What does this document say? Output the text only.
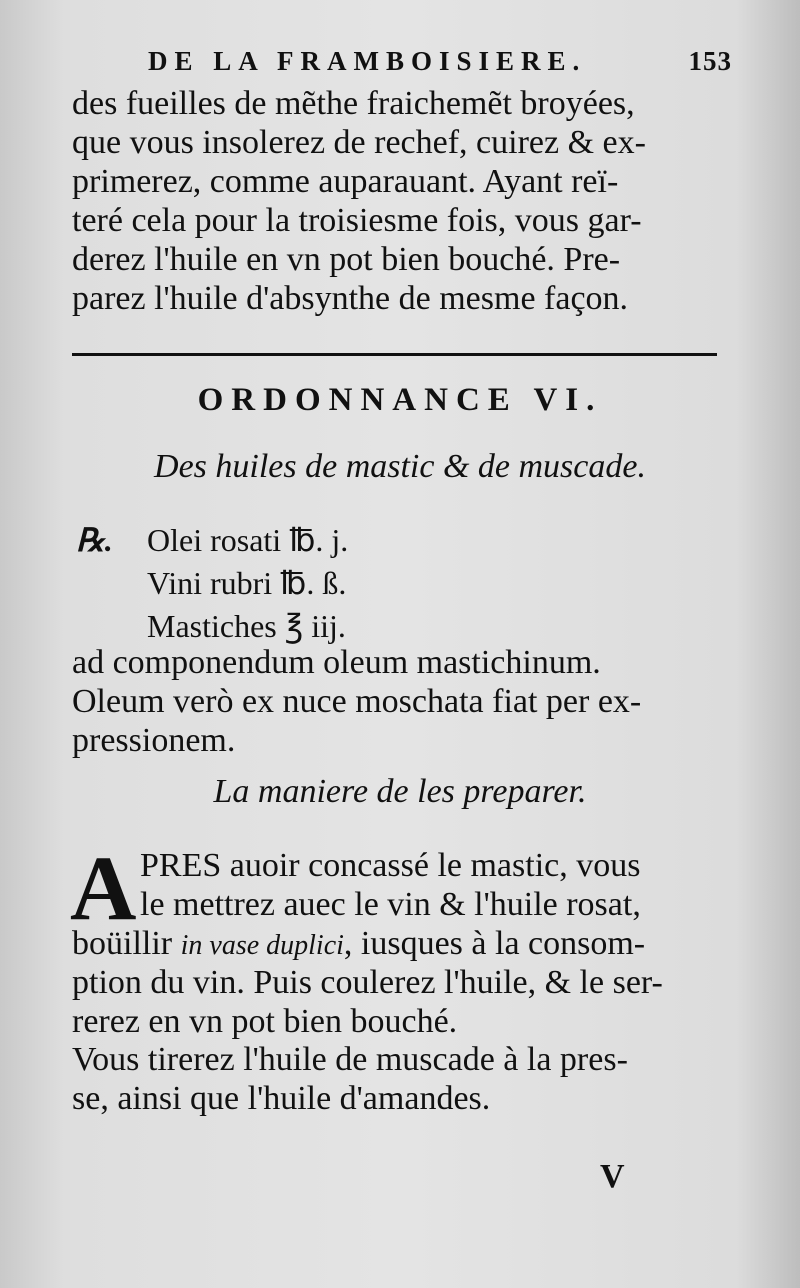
DE LA FRAMBOISIERE.	153
des fueilles de mẽthe fraichemẽt broyées,
que vous insolerez de rechef, cuirez & ex-
primerez, comme auparauant. Ayant reï-
teré cela pour la troisiesme fois, vous gar-
derez l'huile en vn pot bien bouché. Pre-
parez l'huile d'absynthe de mesme façon.
ORDONNANCE VI.
Des huiles de mastic & de muscade.
℞. Olei rosati ℔. j.
Vini rubri ℔. ß.
Mastiches ℥ iij.
ad componendum oleum mastichinum.
Oleum verò ex nuce moschata fiat per ex-
pressionem.
La maniere de les preparer.
A PRES auoir concassé le mastic, vous
le mettrez auec le vin & l'huile rosat,
boüillir in vase duplici, iusques à la consom-
ption du vin. Puis coulerez l'huile, & le ser-
rerez en vn pot bien bouché.
Vous tirerez l'huile de muscade à la pres-
se, ainsi que l'huile d'amandes.
V
